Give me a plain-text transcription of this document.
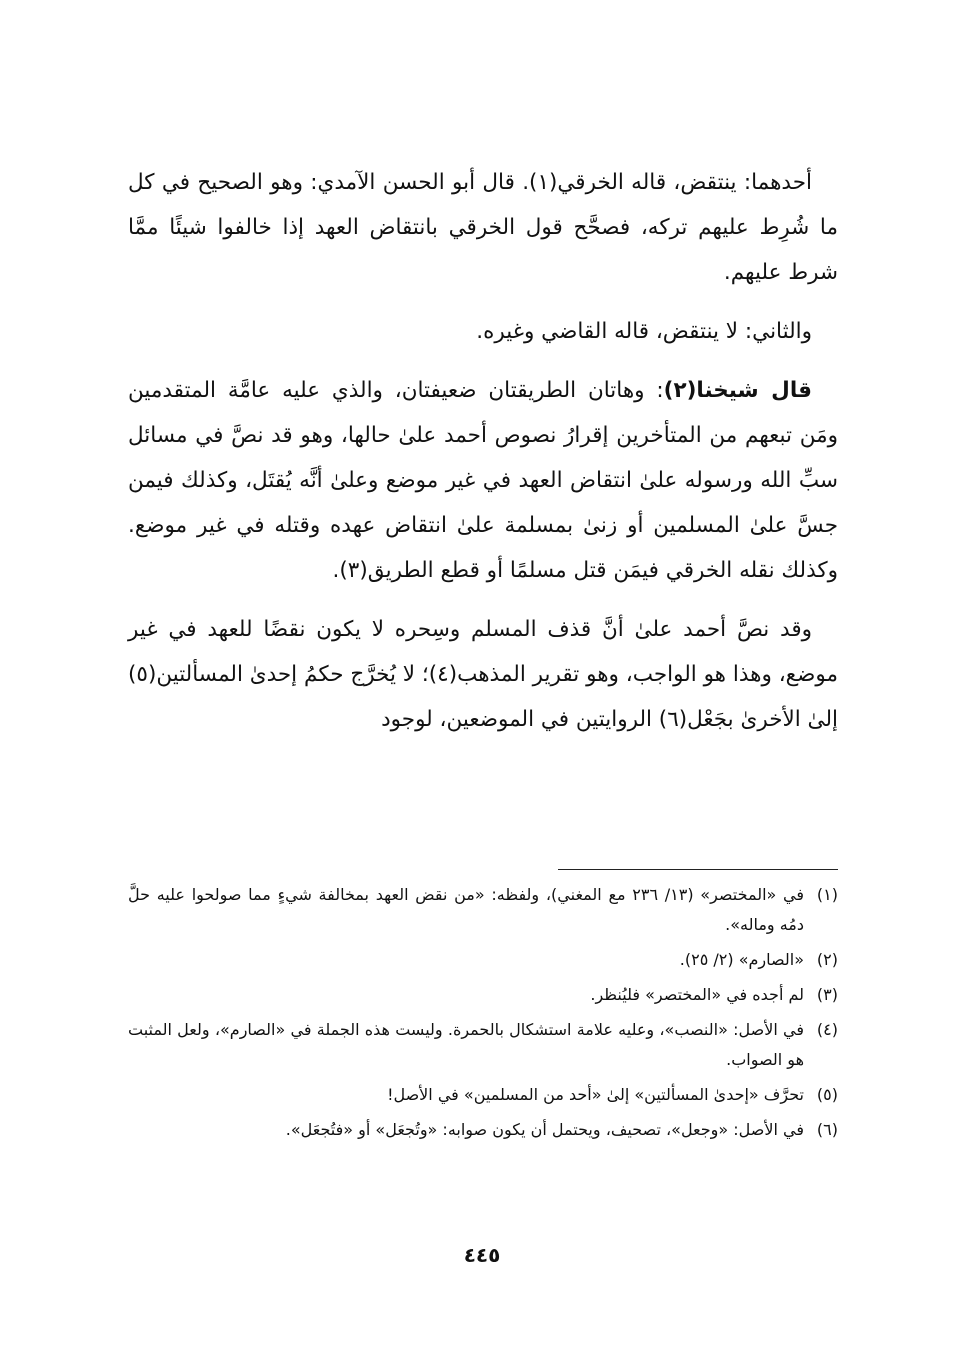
أحدهما: ينتقض، قاله الخرقي(١). قال أبو الحسن الآمدي: وهو الصحيح في كل ما شُرِط عليهم تركه، فصحَّح قول الخرقي بانتقاض العهد إذا خالفوا شيئًا ممَّا شرط عليهم.

والثاني: لا ينتقض، قاله القاضي وغيره.

قال شيخنا(٢): وهاتان الطريقتان ضعيفتان، والذي عليه عامَّة المتقدمين ومَن تبعهم من المتأخرين إقرارُ نصوص أحمد علىٰ حالها، وهو قد نصَّ في مسائل سبِّ الله ورسوله علىٰ انتقاض العهد في غير موضع وعلىٰ أنَّه يُقتَل، وكذلك فيمن جسَّ علىٰ المسلمين أو زنىٰ بمسلمة علىٰ انتقاض عهده وقتله في غير موضع. وكذلك نقله الخرقي فيمَن قتل مسلمًا أو قطع الطريق(٣).

وقد نصَّ أحمد علىٰ أنَّ قذف المسلم وسِحره لا يكون نقضًا للعهد في غير موضع، وهذا هو الواجب، وهو تقرير المذهب(٤)؛ لا يُخرَّج حكمُ إحدىٰ المسألتين(٥) إلىٰ الأخرىٰ بجَعْل(٦) الروايتين في الموضعين، لوجود

(١)
في «المختصر» (١٣/ ٢٣٦ مع المغني)، ولفظه: «من نقض العهد بمخالفة شيءٍ مما صولحوا عليه حلَّ دمُه وماله».
(٢)
«الصارم» (٢/ ٢٥).
(٣)
لم أجده في «المختصر» فليُنظر.
(٤)
في الأصل: «النصب»، وعليه علامة استشكال بالحمرة. وليست هذه الجملة في «الصارم»، ولعل المثبت هو الصواب.
(٥)
تحرَّف «إحدىٰ المسألتين» إلىٰ «أحد من المسلمين» في الأصل!
(٦)
في الأصل: «وجعل»، تصحيف، ويحتمل أن يكون صوابه: «وتُجعَل» أو «فتُجعَل».
٤٤٥
